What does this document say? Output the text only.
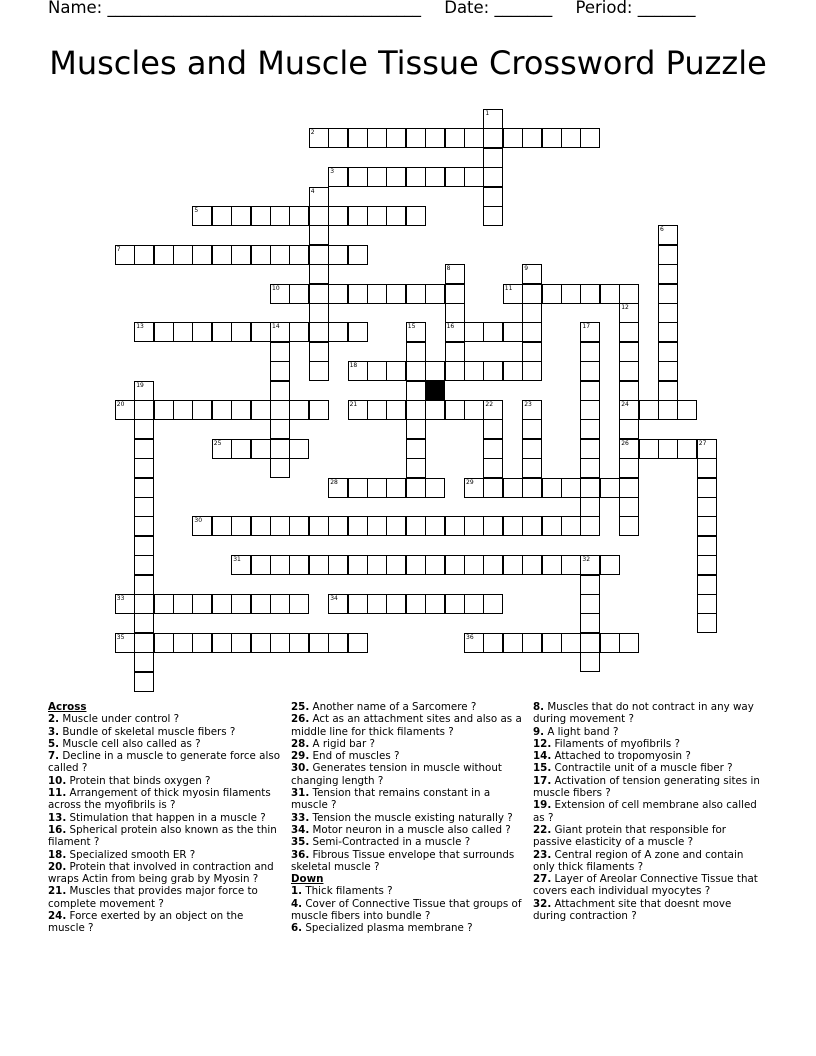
Name: ______________________________________ Date: _______ Period: _______
Muscles and Muscle Tissue Crossword Puzzle
1
2
3
4
5
6
7
8
16
9
10	11
12
24
26
13	14	15	17
18
19
20	21	22	23
25	27
28	29
30
31	32
33	34
35	36
Across
2. Muscle under control ?
3. Bundle of skeletal muscle fibers ?
5. Muscle cell also called as ?
7. Decline in a muscle to generate force also called ?
10. Protein that binds oxygen ?
11. Arrangement of thick myosin filaments across the myofibrils is ?
13. Stimulation that happen in a muscle ?
16. Spherical protein also known as the thin filament ?
18. Specialized smooth ER ?
20. Protein that involved in contraction and wraps Actin from being grab by Myosin ?
21. Muscles that provides major force to complete movement ?
24. Force exerted by an object on the muscle ?
25. Another name of a Sarcomere ?
26. Act as an attachment sites and also as a middle line for thick filaments ?
28. A rigid bar ?
29. End of muscles ?
30. Generates tension in muscle without changing length ?
31. Tension that remains constant in a muscle ?
33. Tension the muscle existing naturally ?
34. Motor neuron in a muscle also called ?
35. Semi-Contracted in a muscle ?
36. Fibrous Tissue envelope that surrounds skeletal muscle ?
Down
1. Thick filaments ?
4. Cover of Connective Tissue that groups of muscle fibers into bundle ?
6. Specialized plasma membrane ?
8. Muscles that do not contract in any way during movement ?
9. A light band ?
12. Filaments of myofibrils ?
14. Attached to tropomyosin ?
15. Contractile unit of a muscle fiber ?
17. Activation of tension generating sites in muscle fibers ?
19. Extension of cell membrane also called as ?
22. Giant protein that responsible for passive elasticity of a muscle ?
23. Central region of A zone and contain only thick filaments ?
27. Layer of Areolar Connective Tissue that covers each individual myocytes ?
32. Attachment site that doesnt move during contraction ?
